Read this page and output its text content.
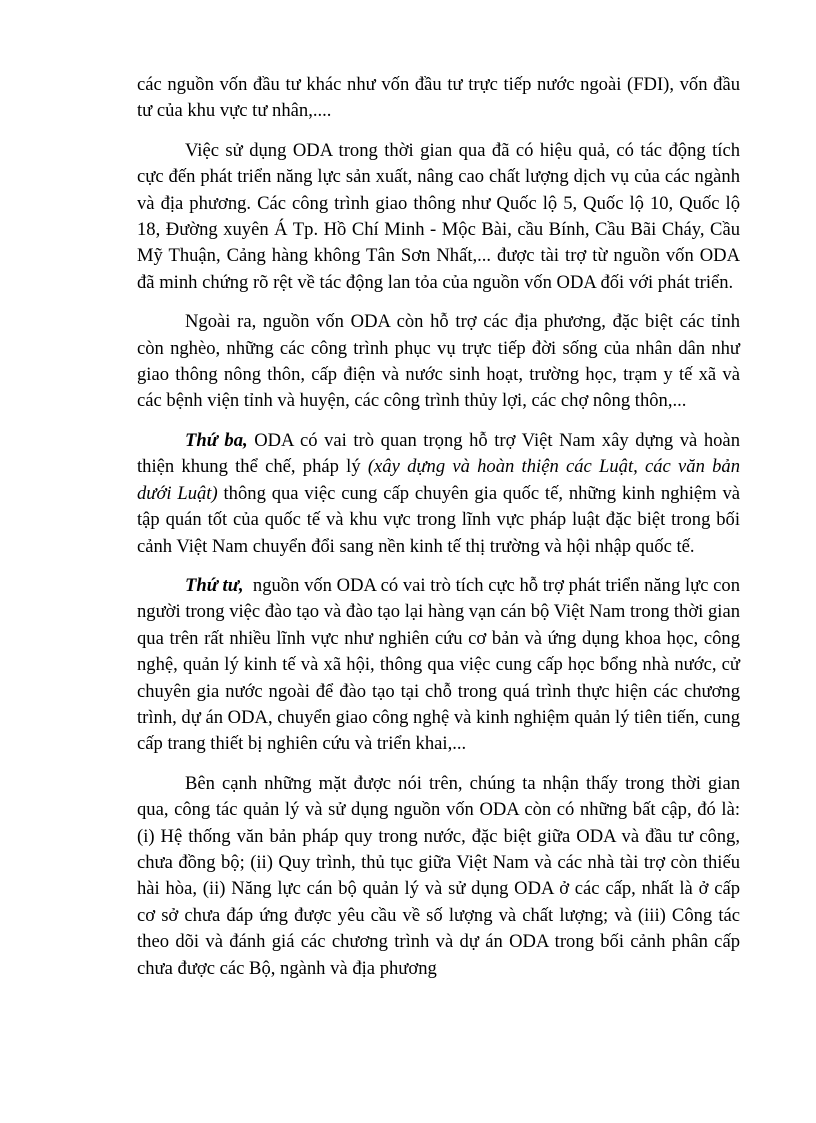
các nguồn vốn đầu tư khác như vốn đầu tư trực tiếp nước ngoài (FDI), vốn đầu tư của khu vực tư nhân,....

Việc sử dụng ODA trong thời gian qua đã có hiệu quả, có tác động tích cực đến phát triển năng lực sản xuất, nâng cao chất lượng dịch vụ của các ngành và địa phương. Các công trình giao thông như Quốc lộ 5, Quốc lộ 10, Quốc lộ 18, Đường xuyên Á Tp. Hồ Chí Minh - Mộc Bài, cầu Bính, Cầu Bãi Cháy, Cầu Mỹ Thuận, Cảng hàng không Tân Sơn Nhất,... được tài trợ từ nguồn vốn ODA đã minh chứng rõ rệt về tác động lan tỏa của nguồn vốn ODA đối với phát triển.

Ngoài ra, nguồn vốn ODA còn hỗ trợ các địa phương, đặc biệt các tỉnh còn nghèo, những các công trình phục vụ trực tiếp đời sống của nhân dân như giao thông nông thôn, cấp điện và nước sinh hoạt, trường học, trạm y tế xã và các bệnh viện tỉnh và huyện, các công trình thủy lợi, các chợ nông thôn,...

Thứ ba, ODA có vai trò quan trọng hỗ trợ Việt Nam xây dựng và hoàn thiện khung thể chế, pháp lý (xây dựng và hoàn thiện các Luật, các văn bản dưới Luật) thông qua việc cung cấp chuyên gia quốc tế, những kinh nghiệm và tập quán tốt của quốc tế và khu vực trong lĩnh vực pháp luật đặc biệt trong bối cảnh Việt Nam chuyển đổi sang nền kinh tế thị trường và hội nhập quốc tế.

Thứ tư,  nguồn vốn ODA có vai trò tích cực hỗ trợ phát triển năng lực con người trong việc đào tạo và đào tạo lại hàng vạn cán bộ Việt Nam trong thời gian qua trên rất nhiều lĩnh vực như nghiên cứu cơ bản và ứng dụng khoa học, công nghệ, quản lý kinh tế và xã hội, thông qua việc cung cấp học bổng nhà nước, cử chuyên gia nước ngoài để đào tạo tại chỗ trong quá trình thực hiện các chương trình, dự án ODA, chuyển giao công nghệ và kinh nghiệm quản lý tiên tiến, cung cấp trang thiết bị nghiên cứu và triển khai,...

Bên cạnh những mặt được nói trên, chúng ta nhận thấy trong thời gian qua, công tác quản lý và sử dụng nguồn vốn ODA còn có những bất cập, đó là: (i) Hệ thống văn bản pháp quy trong nước, đặc biệt giữa ODA và đầu tư công, chưa đồng bộ; (ii) Quy trình, thủ tục giữa Việt Nam và các nhà tài trợ còn thiếu hài hòa, (ii) Năng lực cán bộ quản lý và sử dụng ODA ở các cấp, nhất là ở cấp cơ sở chưa đáp ứng được yêu cầu về số lượng và chất lượng; và (iii) Công tác theo dõi và đánh giá các chương trình và dự án ODA trong bối cảnh phân cấp chưa được các Bộ, ngành và địa phương
